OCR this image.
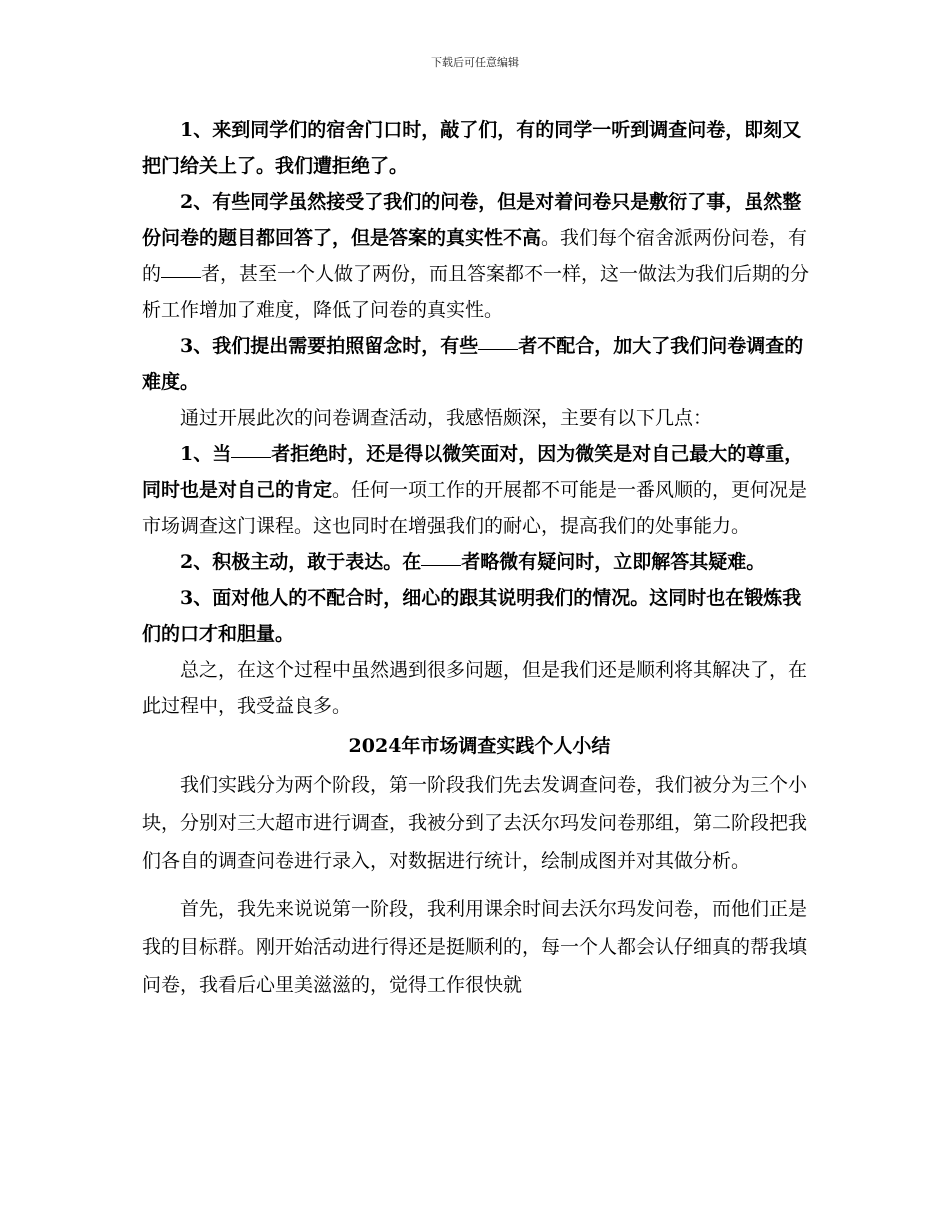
下载后可任意编辑

1、来到同学们的宿舍门口时，敲了们，有的同学一听到调查问卷，即刻又把门给关上了。我们遭拒绝了。

2、有些同学虽然接受了我们的问卷，但是对着问卷只是敷衍了事，虽然整份问卷的题目都回答了，但是答案的真实性不高。我们每个宿舍派两份问卷，有的 者，甚至一个人做了两份，而且答案都不一样，这一做法为我们后期的分析工作增加了难度，降低了问卷的真实性。

3、我们提出需要拍照留念时，有些 者不配合，加大了我们问卷调查的难度。

通过开展此次的问卷调查活动，我感悟颇深，主要有以下几点：

1、当 者拒绝时，还是得以微笑面对，因为微笑是对自己最大的尊重，同时也是对自己的肯定。任何一项工作的开展都不可能是一番风顺的，更何况是市场调查这门课程。这也同时在增强我们的耐心，提高我们的处事能力。

2、积极主动，敢于表达。在 者略微有疑问时，立即解答其疑难。

3、面对他人的不配合时，细心的跟其说明我们的情况。这同时也在锻炼我们的口才和胆量。

总之，在这个过程中虽然遇到很多问题，但是我们还是顺利将其解决了，在此过程中，我受益良多。

2024年市场调查实践个人小结

我们实践分为两个阶段，第一阶段我们先去发调查问卷，我们被分为三个小块，分别对三大超市进行调查，我被分到了去沃尔玛发问卷那组，第二阶段把我们各自的调查问卷进行录入，对数据进行统计，绘制成图并对其做分析。

首先，我先来说说第一阶段，我利用课余时间去沃尔玛发问卷，而他们正是我的目标群。刚开始活动进行得还是挺顺利的，每一个人都会认仔细真的帮我填问卷，我看后心里美滋滋的，觉得工作很快就
